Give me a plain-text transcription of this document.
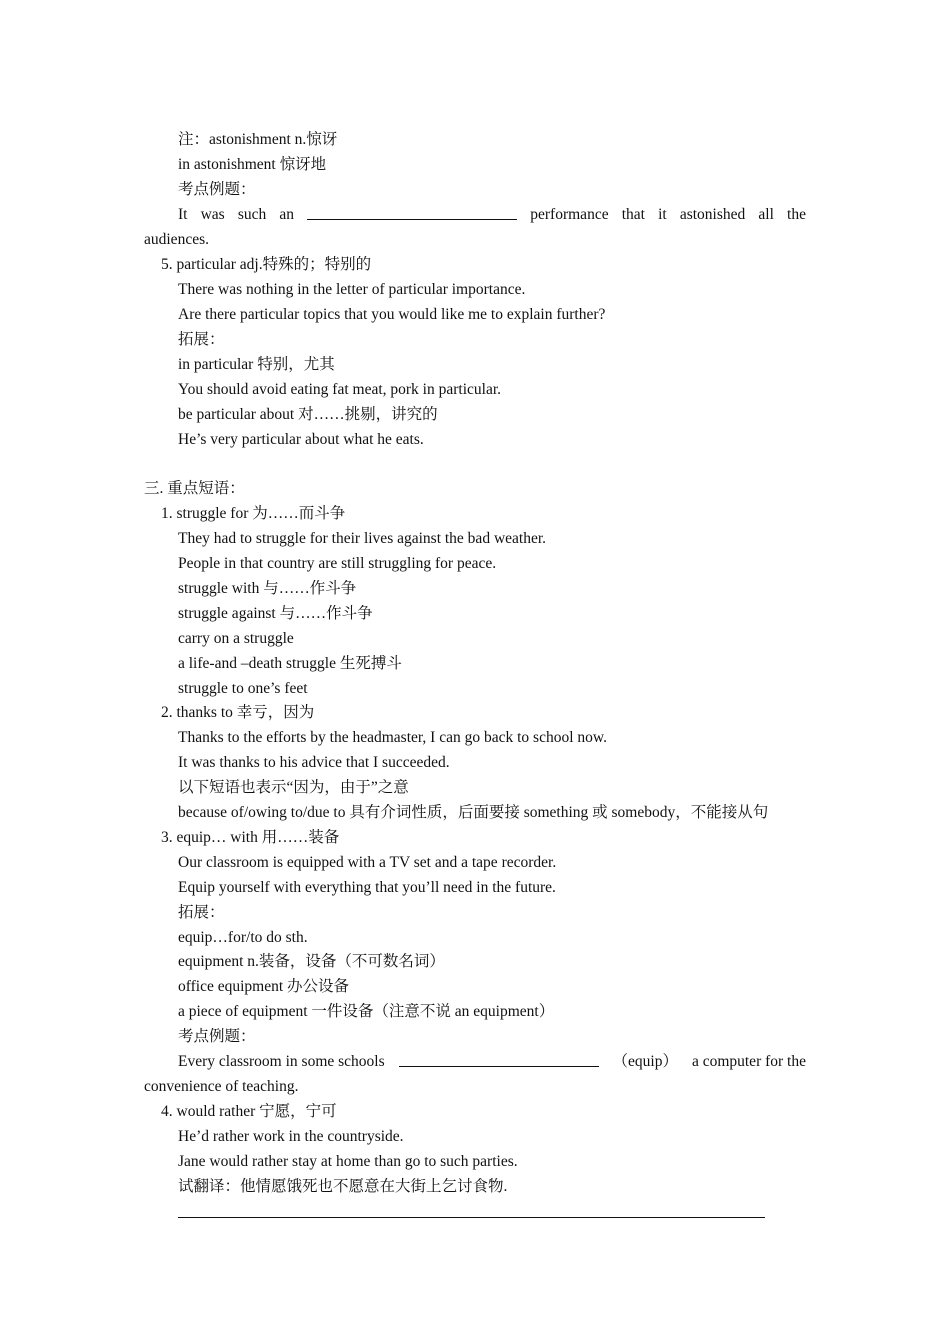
注：astonishment n.惊讶
in astonishment 惊讶地
考点例题：
It was such an	performance that it astonished all the
audiences.
5. particular adj.特殊的；特别的
There was nothing in the letter of particular importance.
Are there particular topics that you would like me to explain further?
拓展：
in particular 特别，尤其
You should avoid eating fat meat, pork in particular.
be particular about 对……挑剔，讲究的
He’s very particular about what he eats.
三. 重点短语：
1. struggle for 为……而斗争
They had to struggle for their lives against the bad weather.
People in that country are still struggling for peace.
struggle with 与……作斗争
struggle against 与……作斗争
carry on a struggle
a life-and –death struggle 生死搏斗
struggle to one’s feet
2. thanks to 幸亏，因为
Thanks to the efforts by the headmaster, I can go back to school now.
It was thanks to his advice that I succeeded.
以下短语也表示“因为，由于”之意
because of/owing to/due to 具有介词性质，后面要接 something 或 somebody，不能接从句
3. equip… with 用……装备
Our classroom is equipped with a TV set and a tape recorder.
Equip yourself with everything that you’ll need in the future.
拓展：
equip…for/to do sth.
equipment n.装备，设备（不可数名词）
office equipment 办公设备
a piece of equipment 一件设备（注意不说 an equipment）
考点例题：
Every classroom in some schools	（equip） a computer for the
convenience of teaching.
4. would rather 宁愿，宁可
He’d rather work in the countryside.
Jane would rather stay at home than go to such parties.
试翻译：他情愿饿死也不愿意在大街上乞讨食物.
